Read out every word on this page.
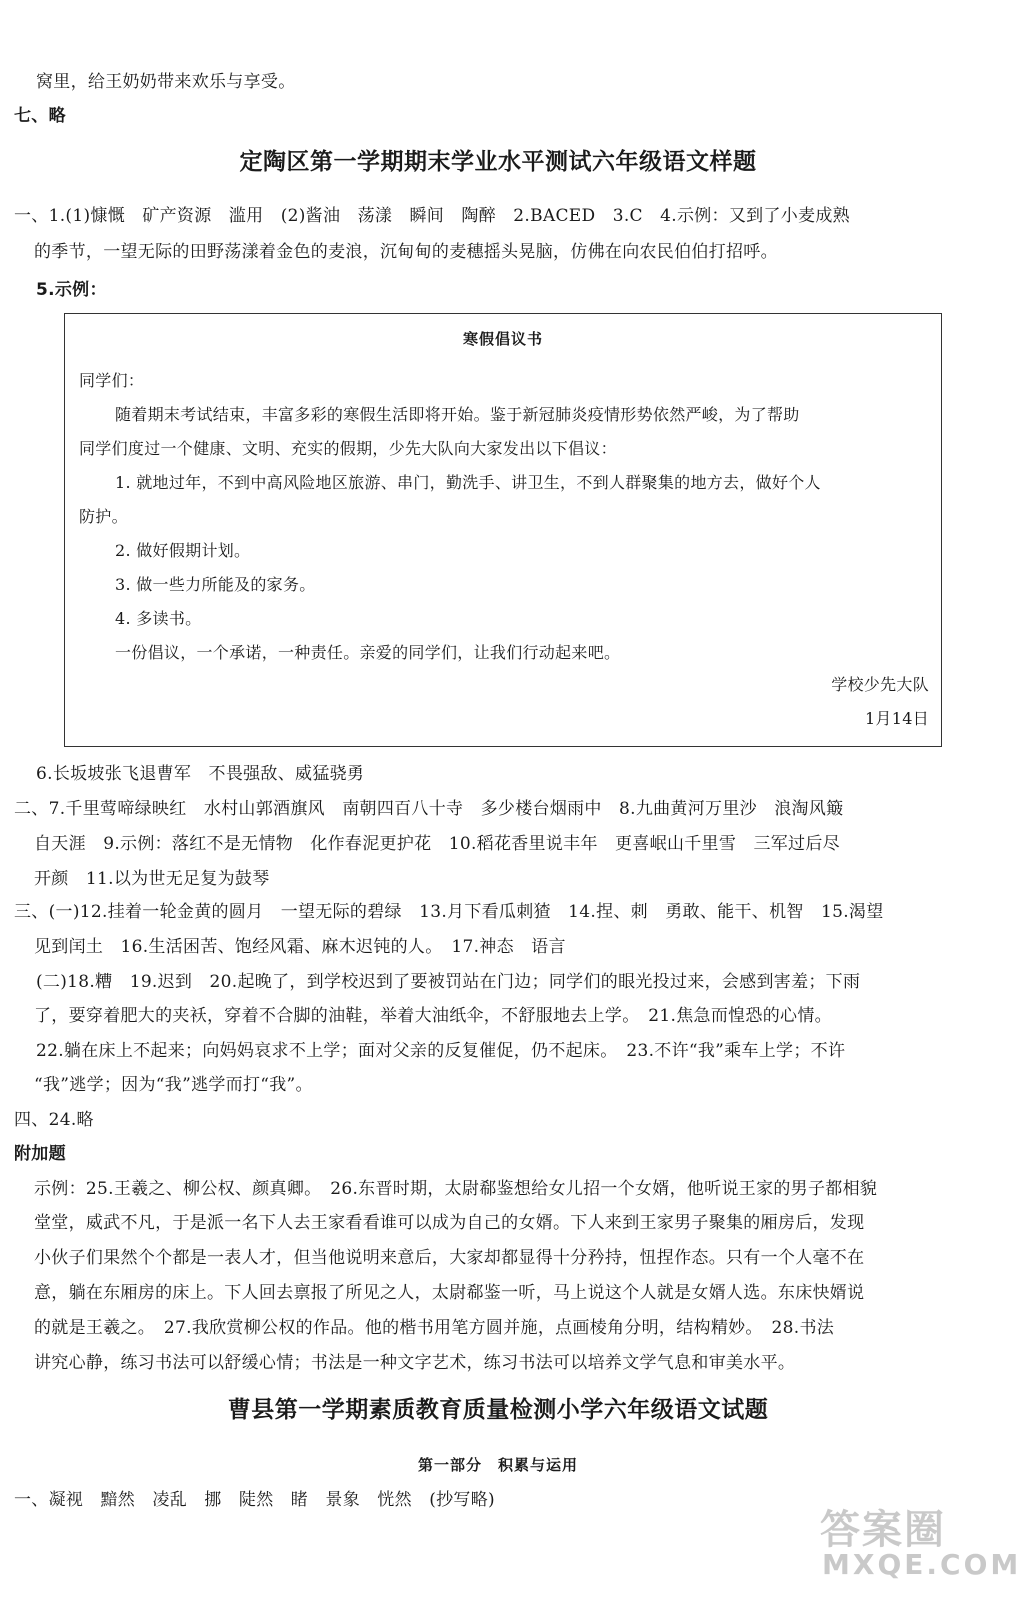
窝里，给王奶奶带来欢乐与享受。
七、略
定陶区第一学期期末学业水平测试六年级语文样题
一、1.(1)慷慨　矿产资源　滥用　(2)酱油　荡漾　瞬间　陶醉　2.BACED　3.C　4.示例：又到了小麦成熟
的季节，一望无际的田野荡漾着金色的麦浪，沉甸甸的麦穗摇头晃脑，仿佛在向农民伯伯打招呼。
5.示例：
寒假倡议书
同学们：
随着期末考试结束，丰富多彩的寒假生活即将开始。鉴于新冠肺炎疫情形势依然严峻，为了帮助
同学们度过一个健康、文明、充实的假期，少先大队向大家发出以下倡议：
1. 就地过年，不到中高风险地区旅游、串门，勤洗手、讲卫生，不到人群聚集的地方去，做好个人
防护。
2. 做好假期计划。
3. 做一些力所能及的家务。
4. 多读书。
一份倡议，一个承诺，一种责任。亲爱的同学们，让我们行动起来吧。
学校少先大队
1月14日
6.长坂坡张飞退曹军　不畏强敌、威猛骁勇
二、7.千里莺啼绿映红　水村山郭酒旗风　南朝四百八十寺　多少楼台烟雨中　8.九曲黄河万里沙　浪淘风簸
自天涯　9.示例：落红不是无情物　化作春泥更护花　10.稻花香里说丰年　更喜岷山千里雪　三军过后尽
开颜　11.以为世无足复为鼓琴
三、(一)12.挂着一轮金黄的圆月　一望无际的碧绿　13.月下看瓜刺猹　14.捏、刺　勇敢、能干、机智　15.渴望
见到闰土　16.生活困苦、饱经风霜、麻木迟钝的人。　17.神态　语言
(二)18.糟　19.迟到　20.起晚了，到学校迟到了要被罚站在门边；同学们的眼光投过来，会感到害羞；下雨
了，要穿着肥大的夹袄，穿着不合脚的油鞋，举着大油纸伞，不舒服地去上学。　21.焦急而惶恐的心情。
22.躺在床上不起来；向妈妈哀求不上学；面对父亲的反复催促，仍不起床。　23.不许“我”乘车上学；不许
“我”逃学；因为“我”逃学而打“我”。
四、24.略
附加题
示例：25.王羲之、柳公权、颜真卿。　26.东晋时期，太尉郗鉴想给女儿招一个女婿，他听说王家的男子都相貌
堂堂，威武不凡，于是派一名下人去王家看看谁可以成为自己的女婿。下人来到王家男子聚集的厢房后，发现
小伙子们果然个个都是一表人才，但当他说明来意后，大家却都显得十分矜持，忸捏作态。只有一个人毫不在
意，躺在东厢房的床上。下人回去禀报了所见之人，太尉郗鉴一听，马上说这个人就是女婿人选。东床快婿说
的就是王羲之。　27.我欣赏柳公权的作品。他的楷书用笔方圆并施，点画棱角分明，结构精妙。　28.书法
讲究心静，练习书法可以舒缓心情；书法是一种文字艺术，练习书法可以培养文学气息和审美水平。
曹县第一学期素质教育质量检测小学六年级语文试题
第一部分　积累与运用
一、凝视　黯然　凌乱　挪　陡然　睹　景象　恍然　(抄写略)
答案圈
MXQE.COM
